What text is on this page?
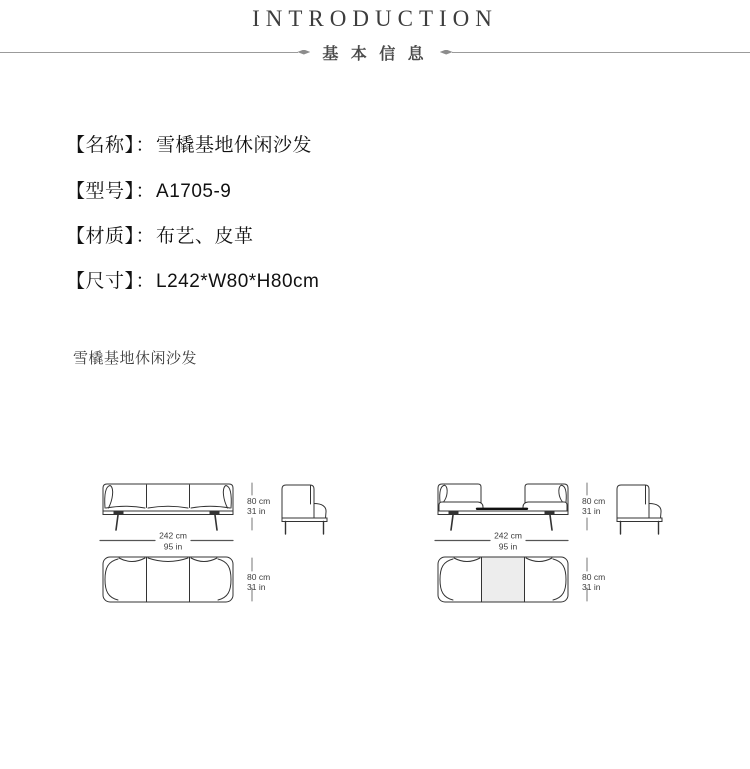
INTRODUCTION
基 本 信 息
【名称】：雪橇基地休闲沙发
【型号】：A1705-9
【材质】：布艺、皮革
【尺寸】：L242*W80*H80cm
雪橇基地休闲沙发
80 cm
31 in
242 cm
95 in
80 cm
31 in
80 cm
31 in
242 cm
95 in
80 cm
31 in
